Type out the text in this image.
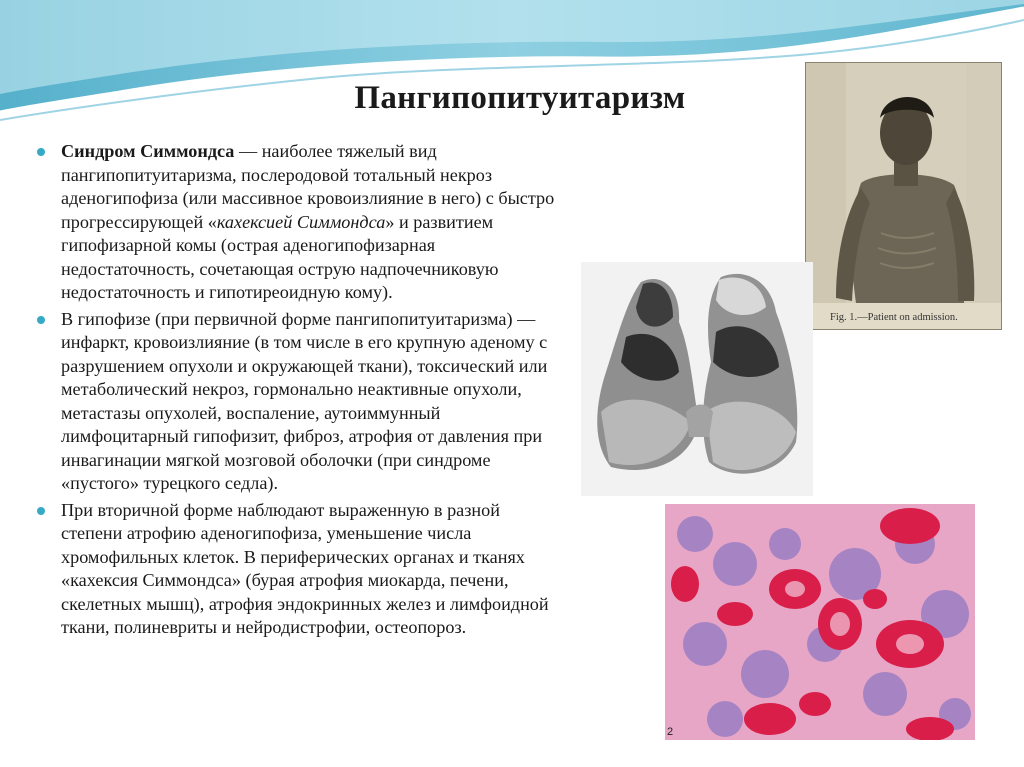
Пангипопитуитаризм
Синдром Симмондса — наиболее тяжелый вид пангипопитуитаризма, послеродовой тотальный некроз аденогипофиза (или массивное кровоизлияние в него) с быстро прогрессирующей «кахексией Симмондса» и развитием гипофизарной комы (острая аденогипофизарная недостаточность, сочетающая острую надпочечниковую недостаточность и гипотиреоидную кому).
В гипофизе (при первичной форме пангипопитуитаризма) — инфаркт, кровоизлияние (в том числе в его крупную аденому с разрушением опухоли и окружающей ткани), токсический или метаболический некроз, гормонально неактивные опухоли, метастазы опухолей, воспаление, аутоиммунный лимфоцитарный гипофизит, фиброз, атрофия от давления при инвагинации мягкой мозговой оболочки (при синдроме «пустого» турецкого седла).
При вторичной форме наблюдают выраженную в разной степени атрофию аденогипофиза, уменьшение числа хромофильных клеток. В периферических органах и тканях «кахексия Симмондса» (бурая атрофия миокарда, печени, скелетных мышц), атрофия эндокринных желез и лимфоидной ткани, полиневриты и нейродистрофии, остеопороз.
Fig. 1.—Patient on admission.
2
